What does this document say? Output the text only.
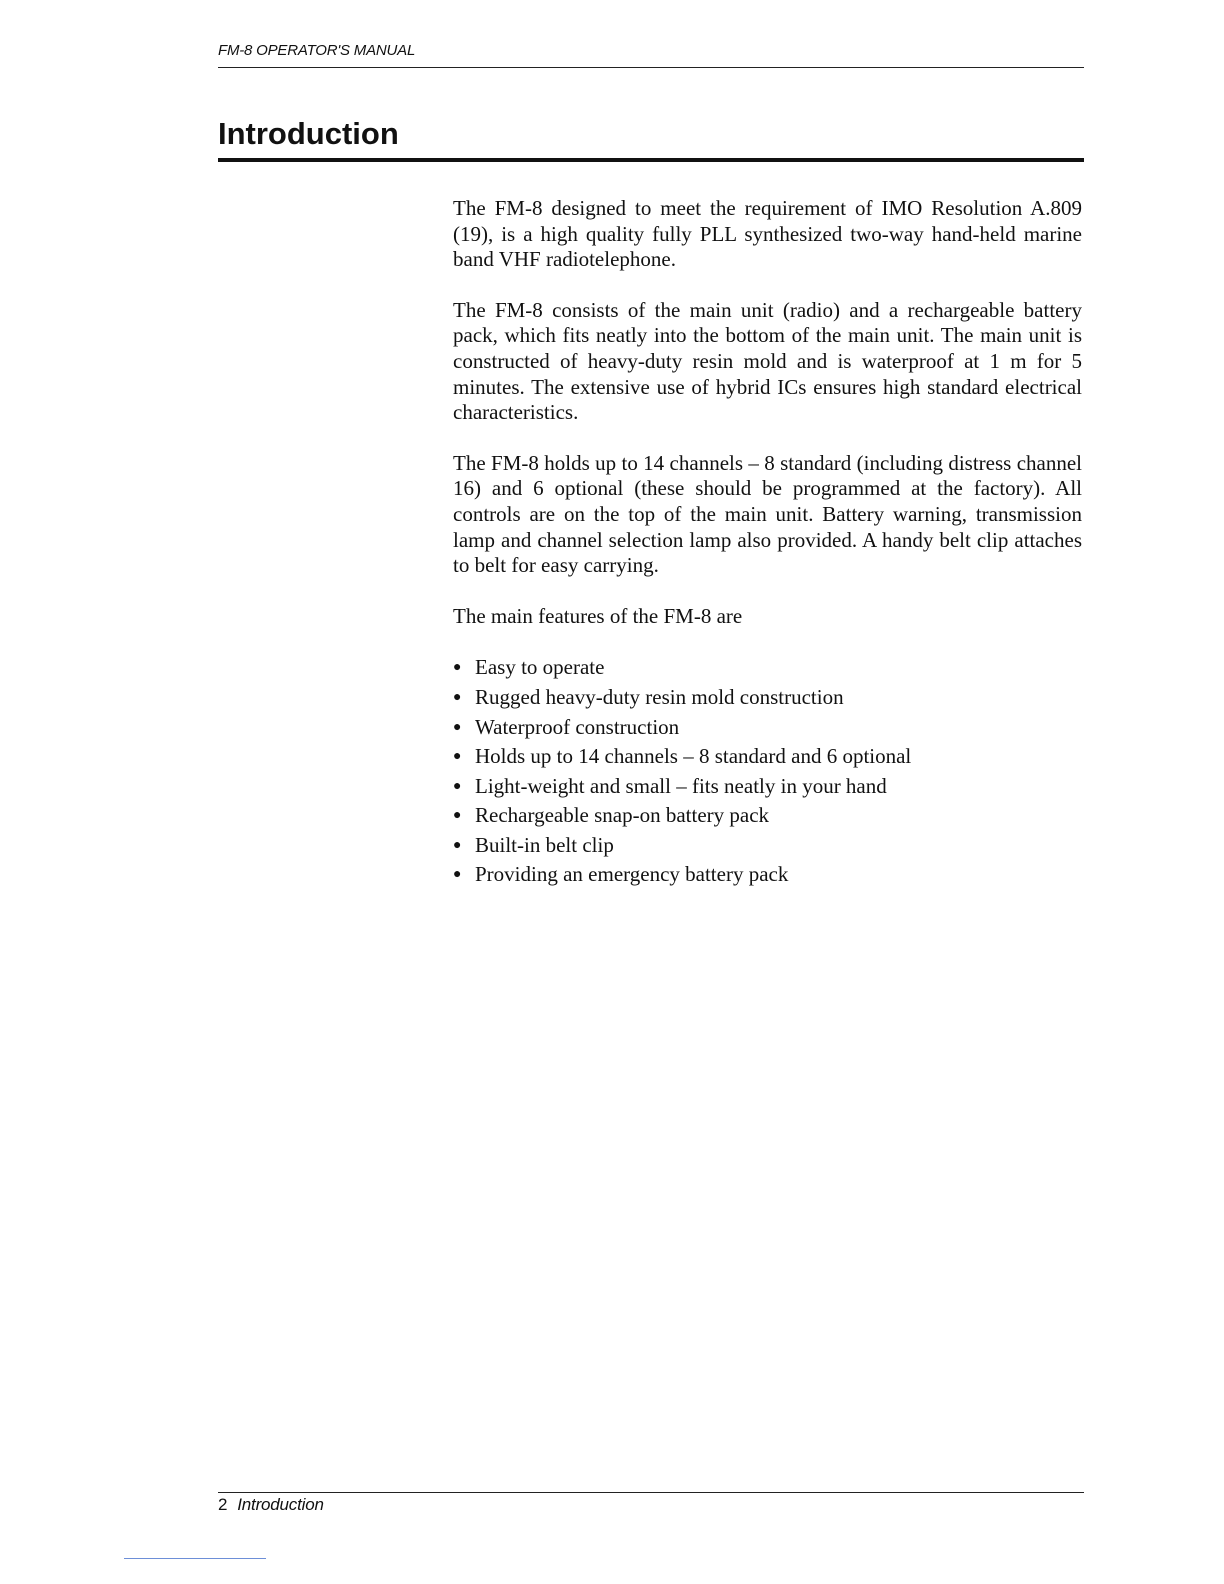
FM-8 OPERATOR'S MANUAL
Introduction

The FM-8 designed to meet the requirement of IMO Resolution A.809 (19), is a high quality fully PLL synthesized two-way hand-held marine band VHF radiotelephone.

The FM-8 consists of the main unit (radio) and a rechargeable battery pack, which fits neatly into the bottom of the main unit. The main unit is constructed of heavy-duty resin mold and is waterproof at 1 m for 5 minutes. The extensive use of hybrid ICs ensures high standard electrical characteristics.

The FM-8 holds up to 14 channels – 8 standard (including distress channel 16) and 6 optional (these should be programmed at the factory). All controls are on the top of the main unit. Battery warning, transmission lamp and channel selection lamp also provided. A handy belt clip attaches to belt for easy carrying.

The main features of the FM-8 are

● Easy to operate
● Rugged heavy-duty resin mold construction
● Waterproof construction
● Holds up to 14 channels – 8 standard and 6 optional
● Light-weight and small – fits neatly in your hand
● Rechargeable snap-on battery pack
● Built-in belt clip
● Providing an emergency battery pack
2 Introduction
